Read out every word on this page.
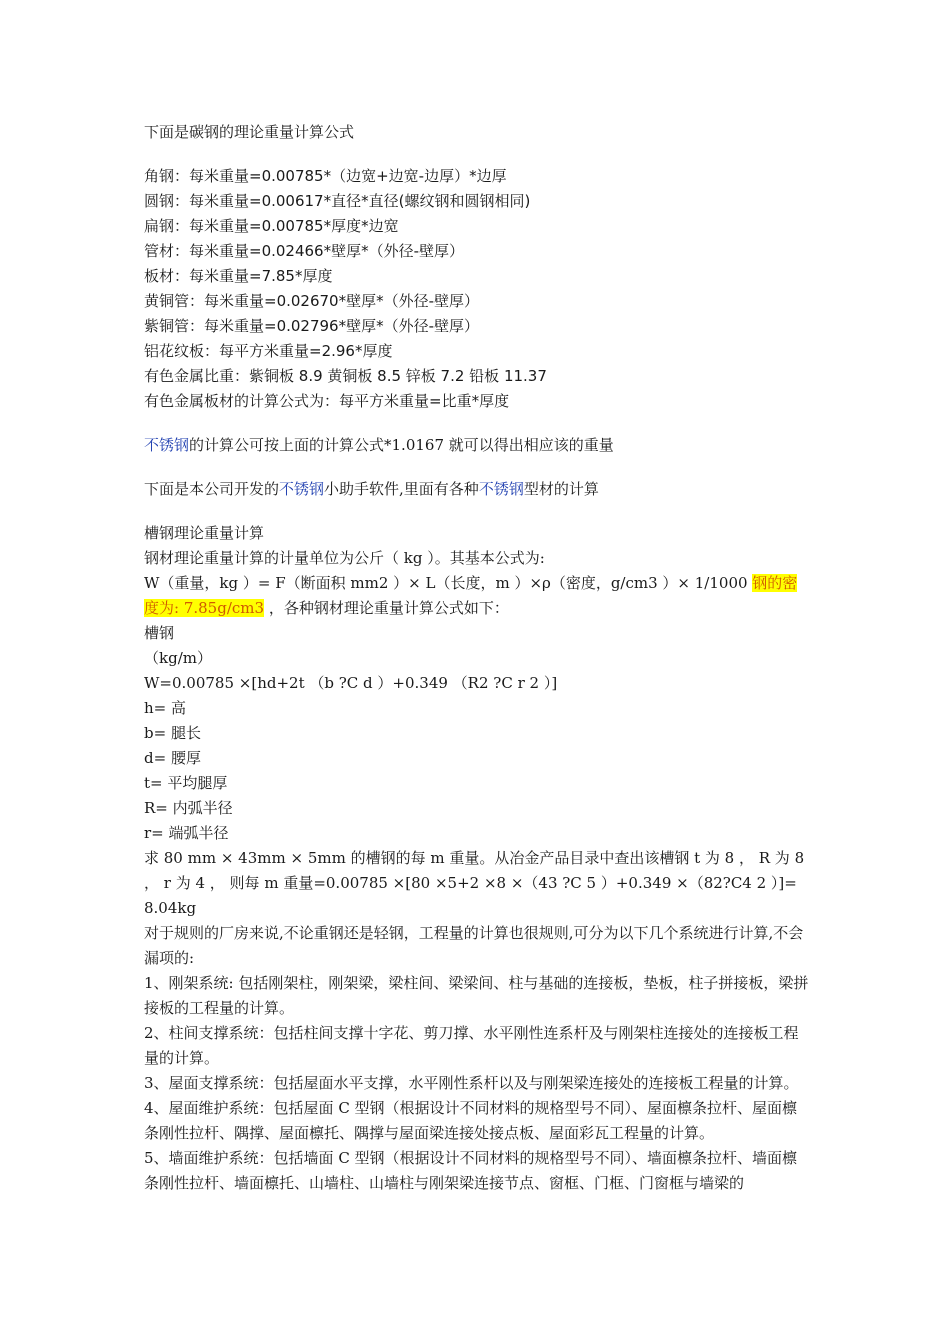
下面是碳钢的理论重量计算公式
角钢：每米重量=0.00785*（边宽+边宽-边厚）*边厚
圆钢：每米重量=0.00617*直径*直径(螺纹钢和圆钢相同)
扁钢：每米重量=0.00785*厚度*边宽
管材：每米重量=0.02466*壁厚*（外径-壁厚）
板材：每米重量=7.85*厚度
黄铜管：每米重量=0.02670*壁厚*（外径-壁厚）
紫铜管：每米重量=0.02796*壁厚*（外径-壁厚）
铝花纹板：每平方米重量=2.96*厚度
有色金属比重：紫铜板 8.9 黄铜板 8.5 锌板 7.2 铅板 11.37
有色金属板材的计算公式为：每平方米重量=比重*厚度
不锈钢的计算公可按上面的计算公式*1.0167 就可以得出相应该的重量
下面是本公司开发的不锈钢小助手软件,里面有各种不锈钢型材的计算
槽钢理论重量计算
钢材理论重量计算的计量单位为公斤（ kg ）。其基本公式为:
W（重量，kg ）= F（断面积 mm2 ）× L（长度，m ）×ρ（密度，g/cm3 ）× 1/1000 钢的密度为: 7.85g/cm3 ，各种钢材理论重量计算公式如下：
槽钢
（kg/m）
W=0.00785 ×[hd+2t （b ?C d ）+0.349 （R2 ?C r 2 ）]
h= 高
b= 腿长
d= 腰厚
t= 平均腿厚
R= 内弧半径
r= 端弧半径
求 80 mm × 43mm × 5mm 的槽钢的每 m 重量。从冶金产品目录中查出该槽钢 t 为 8 ， R 为 8 ， r 为 4 ， 则每 m 重量=0.00785 ×[80 ×5+2 ×8 ×（43 ?C 5 ）+0.349 ×（82?C4 2 ）]= 8.04kg
对于规则的厂房来说,不论重钢还是轻钢，工程量的计算也很规则,可分为以下几个系统进行计算,不会漏项的:
1、刚架系统: 包括刚架柱，刚架梁，梁柱间、梁梁间、柱与基础的连接板，垫板，柱子拼接板，梁拼接板的工程量的计算。
2、柱间支撑系统：包括柱间支撑十字花、剪刀撑、水平刚性连系杆及与刚架柱连接处的连接板工程量的计算。
3、屋面支撑系统：包括屋面水平支撑，水平刚性系杆以及与刚架梁连接处的连接板工程量的计算。
4、屋面维护系统：包括屋面 C 型钢（根据设计不同材料的规格型号不同）、屋面檩条拉杆、屋面檩条刚性拉杆、隅撑、屋面檩托、隅撑与屋面梁连接处接点板、屋面彩瓦工程量的计算。
5、墙面维护系统：包括墙面 C 型钢（根据设计不同材料的规格型号不同）、墙面檩条拉杆、墙面檩条刚性拉杆、墙面檩托、山墙柱、山墙柱与刚架梁连接节点、窗框、门框、门窗框与墙梁的
